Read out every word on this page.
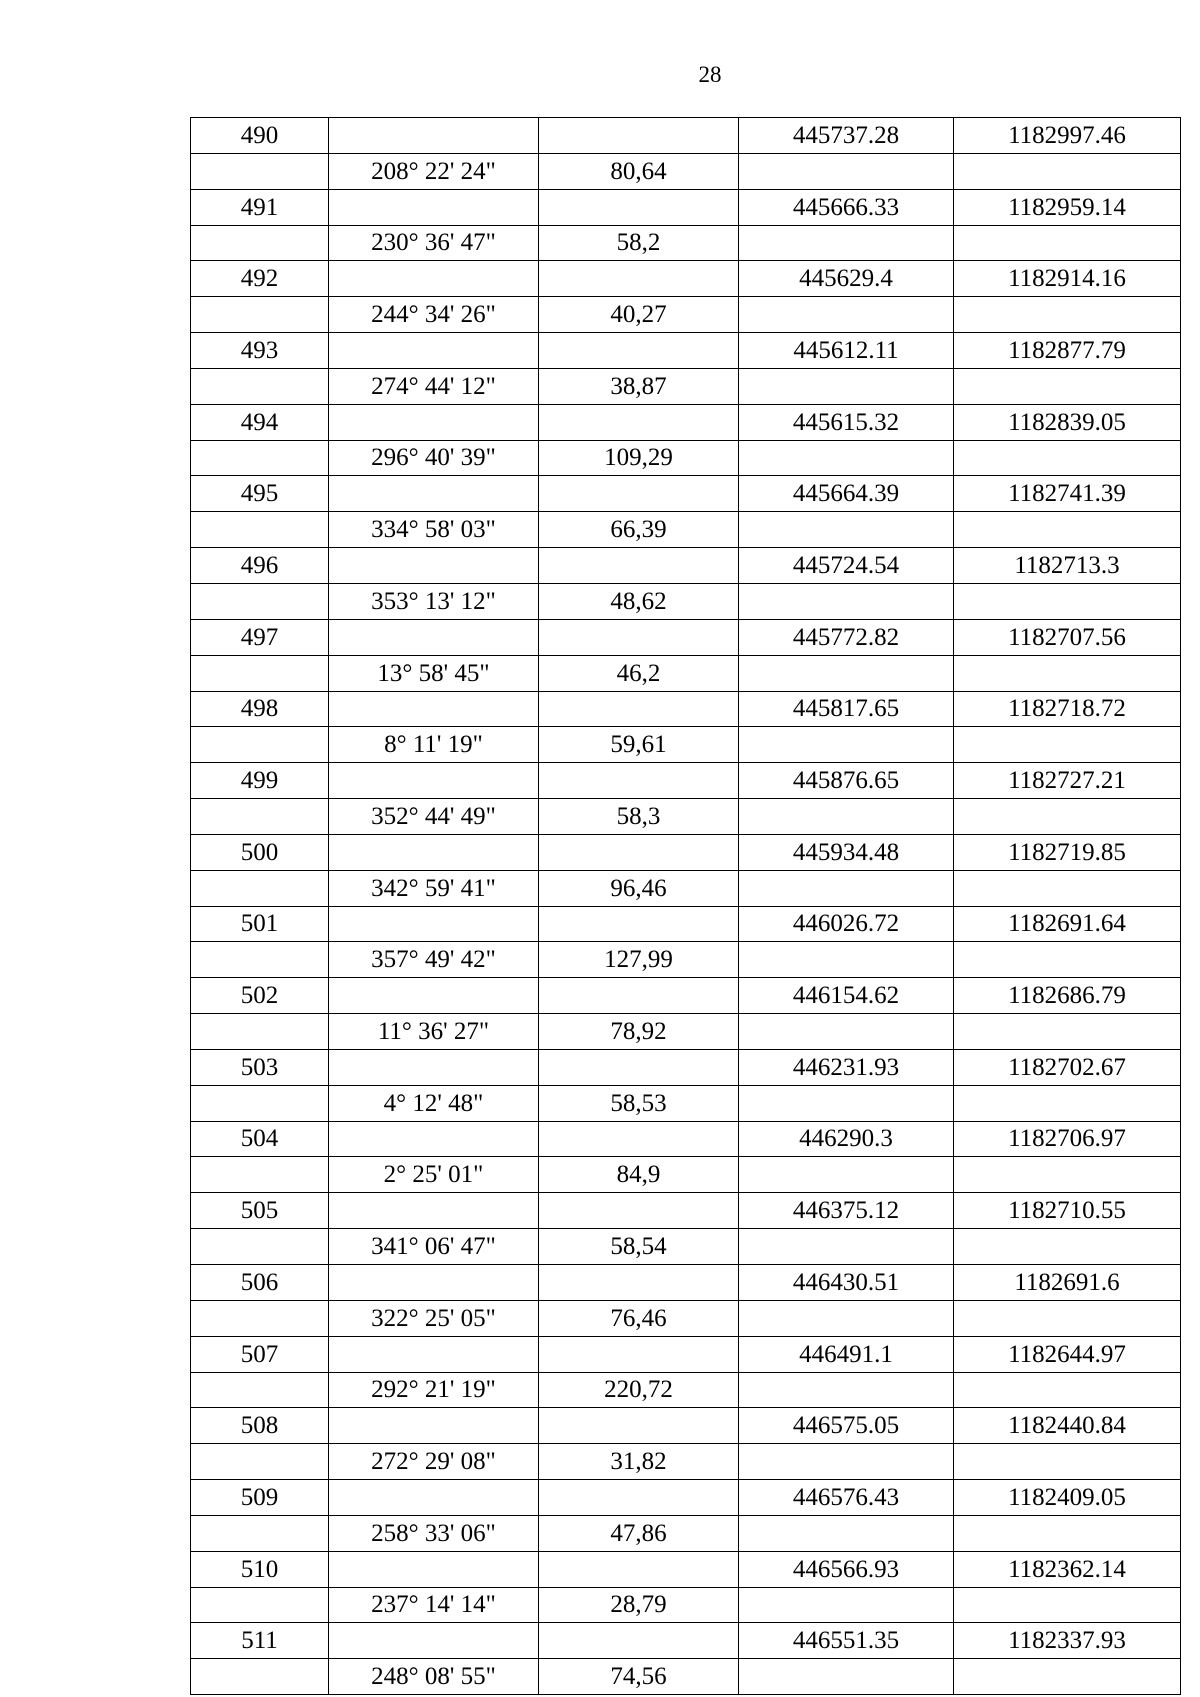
28
490			445737.28	1182997.46
	208° 22' 24"	80,64		
491			445666.33	1182959.14
	230° 36' 47"	58,2		
492			445629.4	1182914.16
	244° 34' 26"	40,27		
493			445612.11	1182877.79
	274° 44' 12"	38,87		
494			445615.32	1182839.05
	296° 40' 39"	109,29		
495			445664.39	1182741.39
	334° 58' 03"	66,39		
496			445724.54	1182713.3
	353° 13' 12"	48,62		
497			445772.82	1182707.56
	13° 58' 45"	46,2		
498			445817.65	1182718.72
	8° 11' 19"	59,61		
499			445876.65	1182727.21
	352° 44' 49"	58,3		
500			445934.48	1182719.85
	342° 59' 41"	96,46		
501			446026.72	1182691.64
	357° 49' 42"	127,99		
502			446154.62	1182686.79
	11° 36' 27"	78,92		
503			446231.93	1182702.67
	4° 12' 48"	58,53		
504			446290.3	1182706.97
	2° 25' 01"	84,9		
505			446375.12	1182710.55
	341° 06' 47"	58,54		
506			446430.51	1182691.6
	322° 25' 05"	76,46		
507			446491.1	1182644.97
	292° 21' 19"	220,72		
508			446575.05	1182440.84
	272° 29' 08"	31,82		
509			446576.43	1182409.05
	258° 33' 06"	47,86		
510			446566.93	1182362.14
	237° 14' 14"	28,79		
511			446551.35	1182337.93
	248° 08' 55"	74,56		
